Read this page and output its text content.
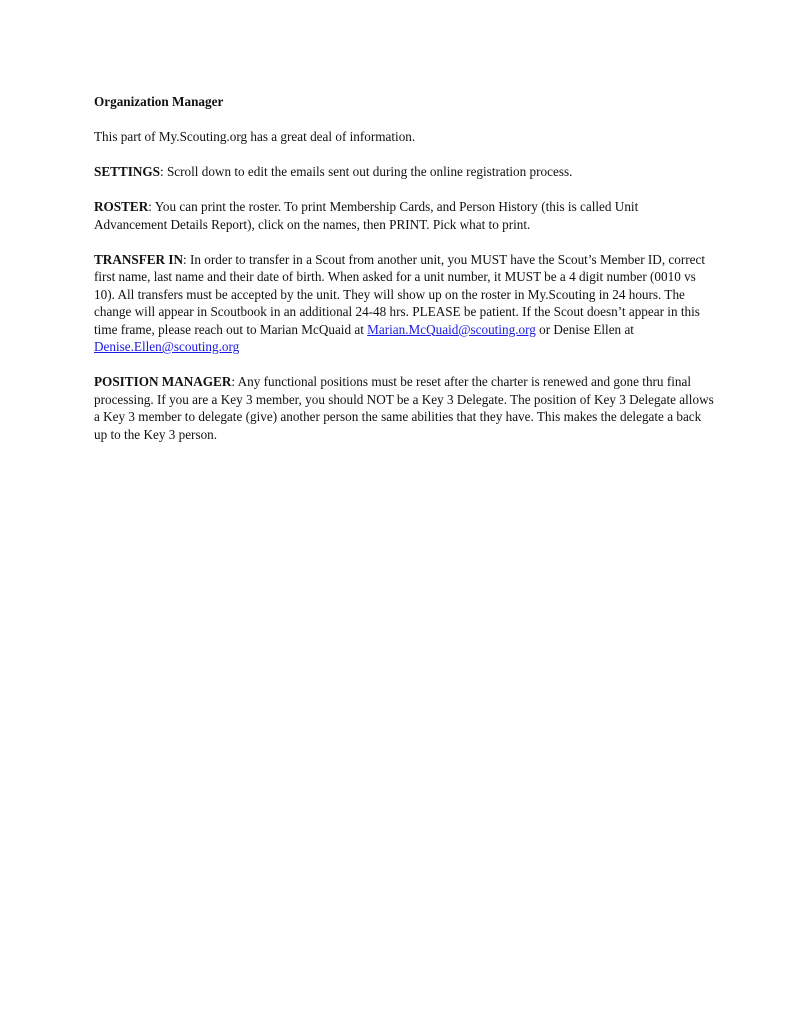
Organization Manager

This part of My.Scouting.org has a great deal of information.

SETTINGS: Scroll down to edit the emails sent out during the online registration process.

ROSTER: You can print the roster. To print Membership Cards, and Person History (this is called Unit Advancement Details Report), click on the names, then PRINT. Pick what to print.

TRANSFER IN: In order to transfer in a Scout from another unit, you MUST have the Scout’s Member ID, correct first name, last name and their date of birth. When asked for a unit number, it MUST be a 4 digit number (0010 vs 10). All transfers must be accepted by the unit. They will show up on the roster in My.Scouting in 24 hours. The change will appear in Scoutbook in an additional 24-48 hrs. PLEASE be patient. If the Scout doesn’t appear in this time frame, please reach out to Marian McQuaid at Marian.McQuaid@scouting.org or Denise Ellen at Denise.Ellen@scouting.org

POSITION MANAGER: Any functional positions must be reset after the charter is renewed and gone thru final processing. If you are a Key 3 member, you should NOT be a Key 3 Delegate. The position of Key 3 Delegate allows a Key 3 member to delegate (give) another person the same abilities that they have. This makes the delegate a back up to the Key 3 person.
